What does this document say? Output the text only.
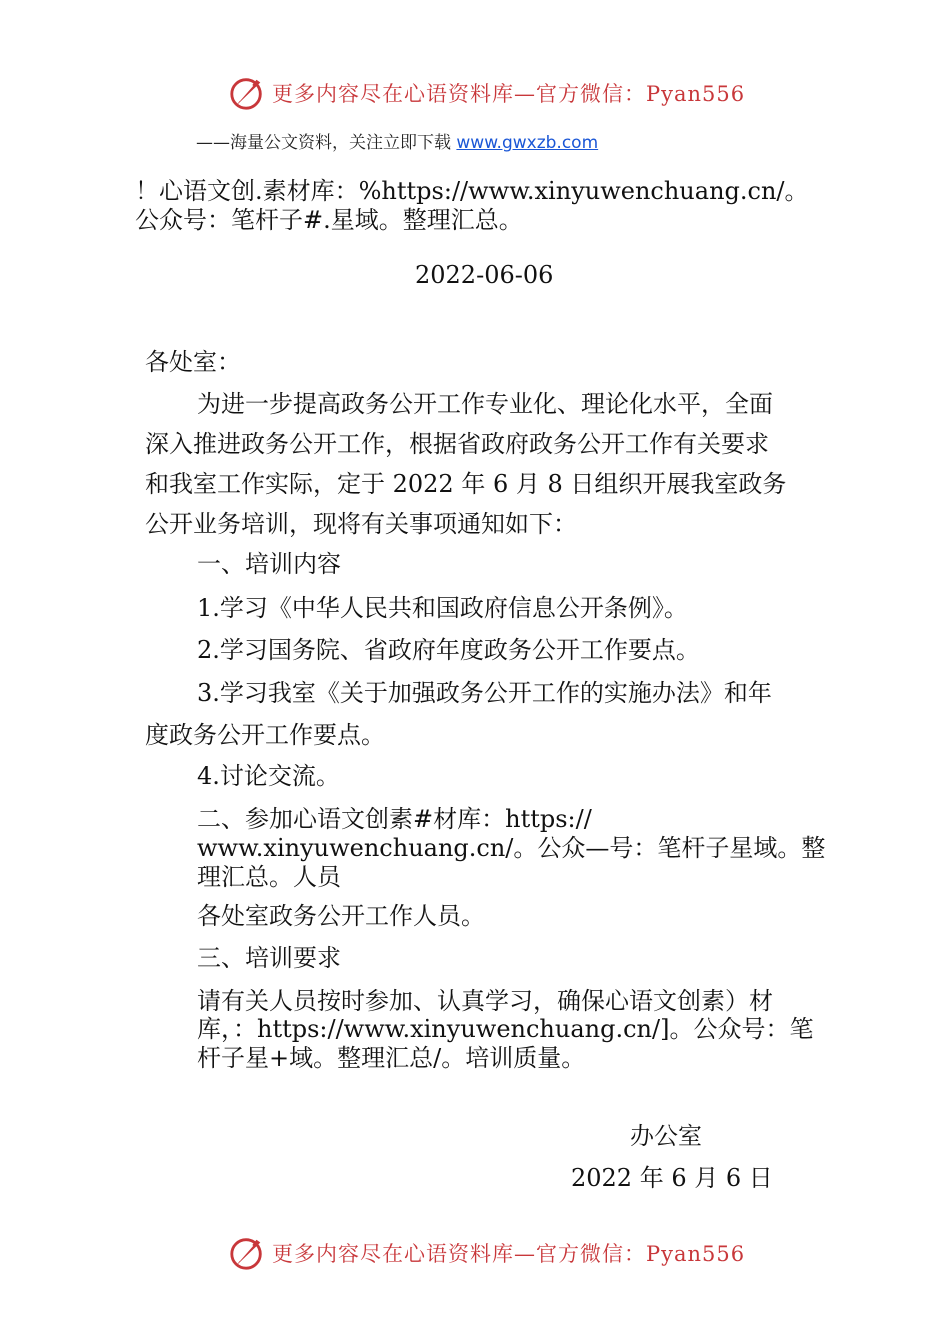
更多内容尽在心语资料库—官方微信：Pyan556
——海量公文资料，关注立即下载 www.gwxzb.com
！心语文创.素材库：%https://www.xinyuwenchuang.cn/。
公众号：笔杆子#.星域。整理汇总。
2022-06-06
各处室：
为进一步提高政务公开工作专业化、理论化水平，全面
深入推进政务公开工作，根据省政府政务公开工作有关要求
和我室工作实际，定于 2022 年 6 月 8 日组织开展我室政务
公开业务培训，现将有关事项通知如下：
一、培训内容
1.学习《中华人民共和国政府信息公开条例》。
2.学习国务院、省政府年度政务公开工作要点。
3.学习我室《关于加强政务公开工作的实施办法》和年
度政务公开工作要点。
4.讨论交流。
二、参加心语文创素#材库：https://
www.xinyuwenchuang.cn/。公众—号：笔杆子星域。整
理汇总。人员
各处室政务公开工作人员。
三、培训要求
请有关人员按时参加、认真学习，确保心语文创素）材
库，：https://www.xinyuwenchuang.cn/]。公众号：笔
杆子星+域。整理汇总/。培训质量。
办公室
2022 年 6 月 6 日
更多内容尽在心语资料库—官方微信：Pyan556
